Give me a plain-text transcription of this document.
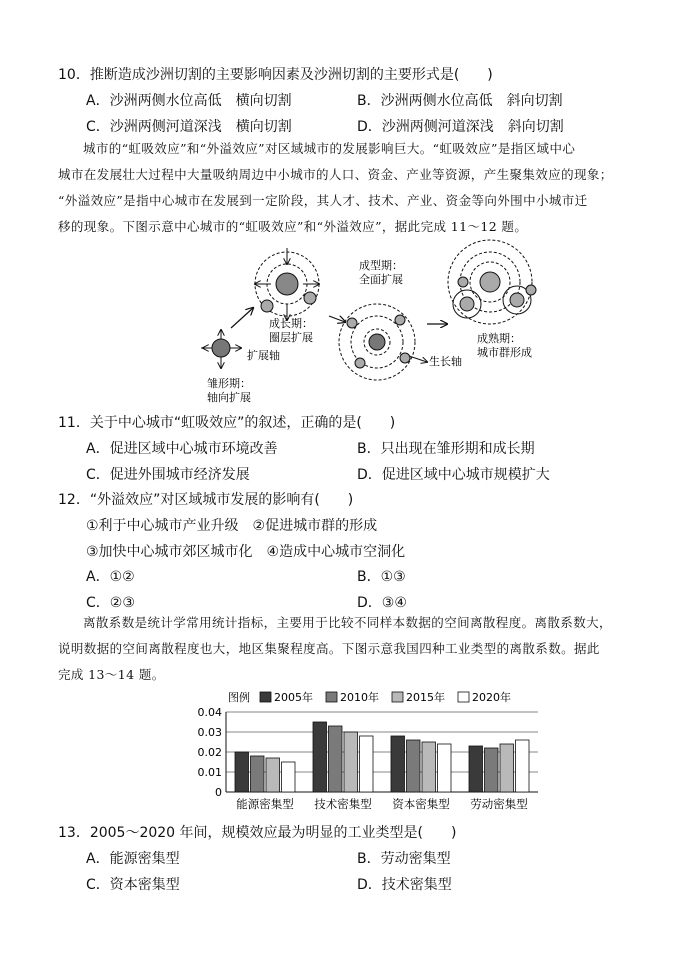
10．推断造成沙洲切割的主要影响因素及沙洲切割的主要形式是(　　)
A．沙洲两侧水位高低　横向切割	B．沙洲两侧水位高低　斜向切割
C．沙洲两侧河道深浅　横向切割	D．沙洲两侧河道深浅　斜向切割

城市的“虹吸效应”和“外溢效应”对区域城市的发展影响巨大。“虹吸效应”是指区域中心

城市在发展壮大过程中大量吸纳周边中小城市的人口、资金、产业等资源，产生聚集效应的现象；

“外溢效应”是指中心城市在发展到一定阶段，其人才、技术、产业、资金等向外围中小城市迁

移的现象。下图示意中心城市的“虹吸效应”和“外溢效应”，据此完成 11～12 题。

扩展轴
雏形期：
轴向扩展
成长期：
圈层扩展
成型期：
全面扩展
生长轴
成熟期：
城市群形成
11．关于中心城市“虹吸效应”的叙述，正确的是(　　)
A．促进区域中心城市环境改善	B．只出现在雏形期和成长期
C．促进外围城市经济发展	D．促进区域中心城市规模扩大
12．“外溢效应”对区域城市发展的影响有(　　)
①利于中心城市产业升级　②促进城市群的形成
③加快中心城市郊区城市化　④造成中心城市空洞化
A．①②	B．①③
C．②③	D．③④

离散系数是统计学常用统计指标，主要用于比较不同样本数据的空间离散程度。离散系数大，

说明数据的空间离散程度也大，地区集聚程度高。下图示意我国四种工业类型的离散系数。据此

完成 13～14 题。

图例 2005年 2010年 2015年 2020年
0
0.01
0.02
0.03
0.04
能源密集型 技术密集型 资本密集型 劳动密集型
13．2005～2020 年间，规模效应最为明显的工业类型是(　　)
A．能源密集型	B．劳动密集型
C．资本密集型	D．技术密集型
